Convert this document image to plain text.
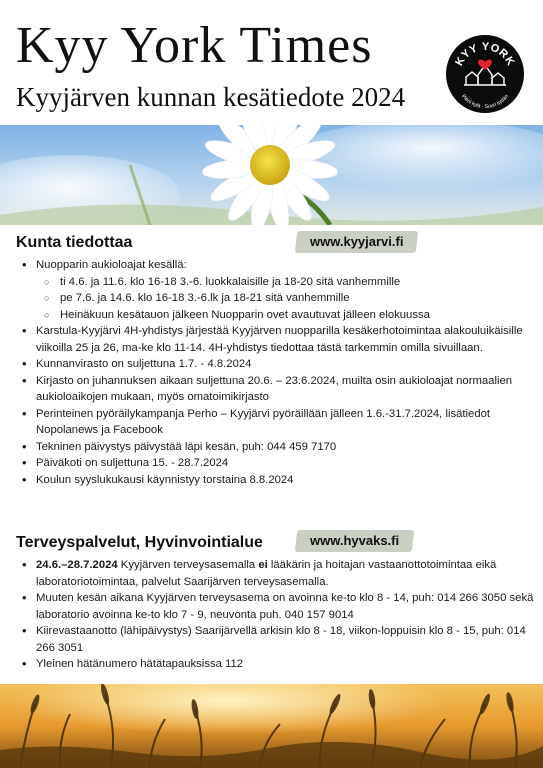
Kyy York Times
Kyyjärven kunnan kesätiedote 2024
KYY YORK
Pieni kylä · Suuri sydän
Kunta tiedottaa	www.kyyjarvi.fi
• Nuopparin aukioloajat kesällä:
○ ti 4.6. ja 11.6. klo 16-18 3.-6. luokkalaisille ja 18-20 sitä vanhemmille
○ pe 7.6. ja 14.6. klo 16-18 3.-6.lk ja 18-21 sitä vanhemmille
○ Heinäkuun kesätauon jälkeen Nuopparin ovet avautuvat jälleen elokuussa
• Karstula-Kyyjärvi 4H-yhdistys järjestää Kyyjärven nuopparilla kesäkerhotoimintaa alakouluikäisille viikoilla 25 ja 26, ma-ke klo 11-14. 4H-yhdistys tiedottaa tästä tarkemmin omilla sivuillaan.
• Kunnanvirasto on suljettuna 1.7. - 4.8.2024
• Kirjasto on juhannuksen aikaan suljettuna 20.6. – 23.6.2024, muilta osin aukioloajat normaalien aukioloaikojen mukaan, myös omatoimikirjasto
• Perinteinen pyöräilykampanja Perho – Kyyjärvi pyöräillään jälleen 1.6.-31.7.2024, lisätiedot Nopolanews ja Facebook
• Tekninen päivystys päivystää läpi kesän, puh: 044 459 7170
• Päiväkoti on suljettuna 15. - 28.7.2024
• Koulun syyslukukausi käynnistyy torstaina 8.8.2024
Terveyspalvelut, Hyvinvointialue	www.hyvaks.fi
• 24.6.–28.7.2024 Kyyjärven terveysasemalla ei lääkärin ja hoitajan vastaanottotoimintaa eikä laboratoriotoimintaa, palvelut Saarijärven terveysasemalla.
• Muuten kesän aikana Kyyjärven terveysasema on avoinna ke-to klo 8 - 14, puh: 014 266 3050 sekä laboratorio avoinna ke-to klo 7 - 9, neuvonta puh. 040 157 9014
• Kiirevastaanotto (lähipäivystys) Saarijärvellä arkisin klo 8 - 18, viikon-loppuisin klo 8 - 15, puh: 014 266 3051
• Yleinen hätänumero hätätapauksissa 112
